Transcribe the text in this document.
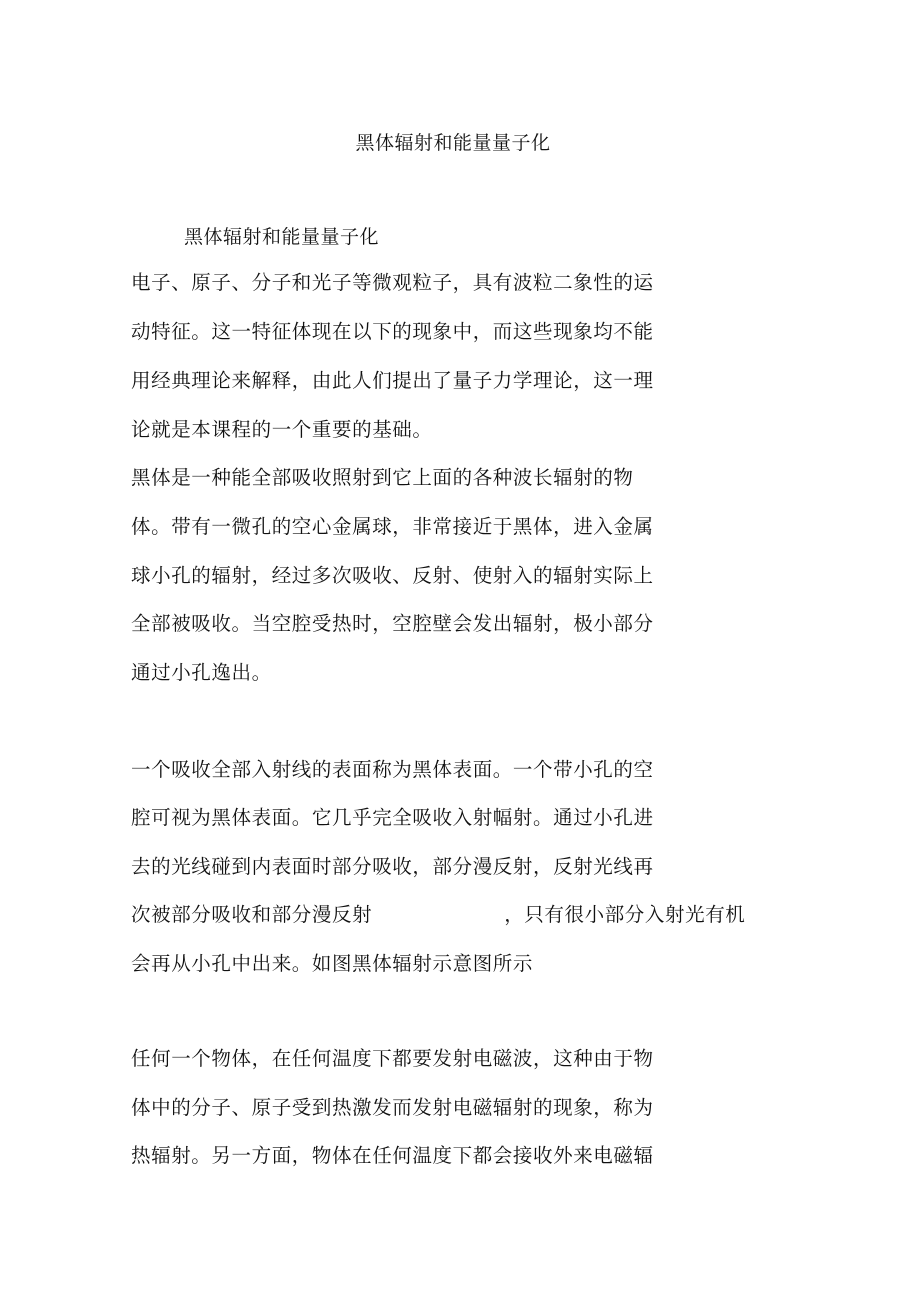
黑体辐射和能量量子化
黑体辐射和能量量子化
电子、原子、分子和光子等微观粒子，具有波粒二象性的运
动特征。这一特征体现在以下的现象中，而这些现象均不能
用经典理论来解释，由此人们提出了量子力学理论，这一理
论就是本课程的一个重要的基础。
黑体是一种能全部吸收照射到它上面的各种波长辐射的物
体。带有一微孔的空心金属球，非常接近于黑体，进入金属
球小孔的辐射，经过多次吸收、反射、使射入的辐射实际上
全部被吸收。当空腔受热时，空腔壁会发出辐射，极小部分
通过小孔逸出。
一个吸收全部入射线的表面称为黑体表面。一个带小孔的空
腔可视为黑体表面。它几乎完全吸收入射幅射。通过小孔进
去的光线碰到内表面时部分吸收，部分漫反射，反射光线再
次被部分吸收和部分漫反射	，只有很小部分入射光有机
会再从小孔中出来。如图黑体辐射示意图所示
任何一个物体，在任何温度下都要发射电磁波，这种由于物
体中的分子、原子受到热激发而发射电磁辐射的现象，称为
热辐射。另一方面，物体在任何温度下都会接收外来电磁辐
